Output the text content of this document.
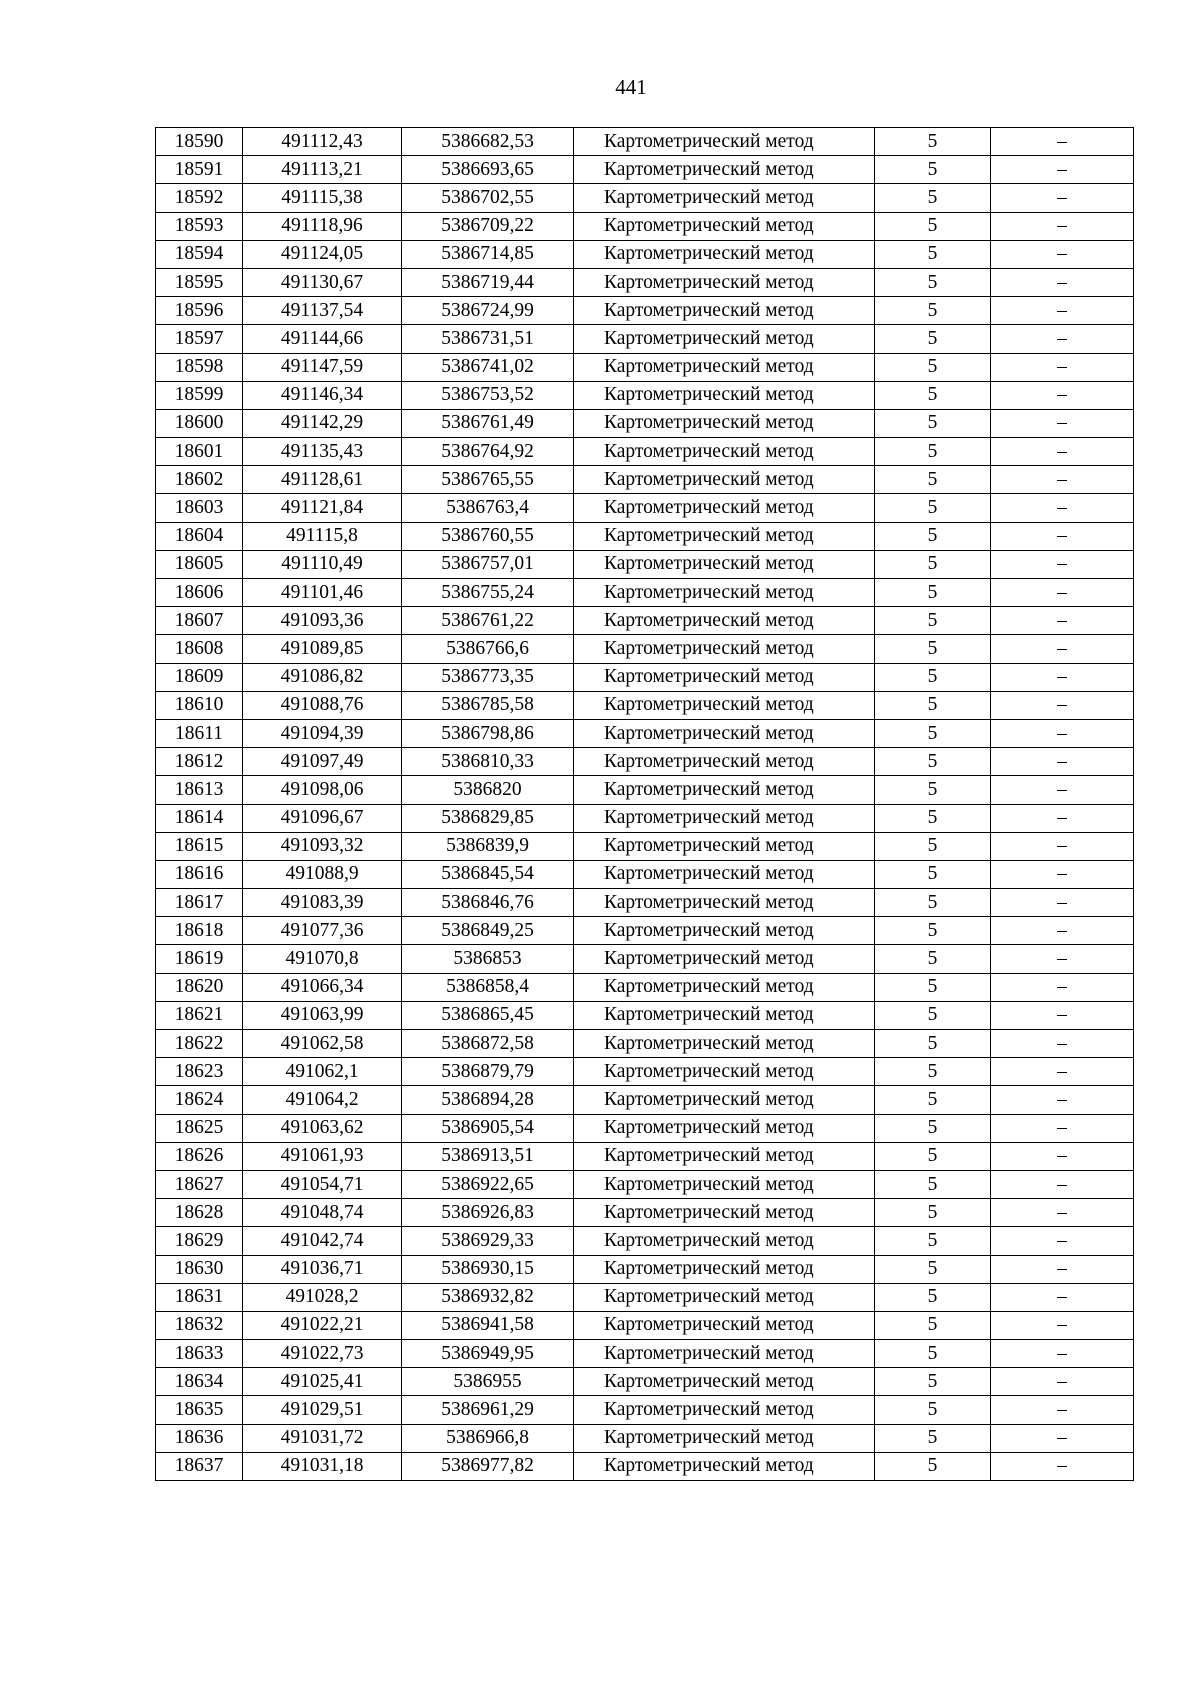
441
18590	491112,43	5386682,53	Картометрический метод	5	–
18591	491113,21	5386693,65	Картометрический метод	5	–
18592	491115,38	5386702,55	Картометрический метод	5	–
18593	491118,96	5386709,22	Картометрический метод	5	–
18594	491124,05	5386714,85	Картометрический метод	5	–
18595	491130,67	5386719,44	Картометрический метод	5	–
18596	491137,54	5386724,99	Картометрический метод	5	–
18597	491144,66	5386731,51	Картометрический метод	5	–
18598	491147,59	5386741,02	Картометрический метод	5	–
18599	491146,34	5386753,52	Картометрический метод	5	–
18600	491142,29	5386761,49	Картометрический метод	5	–
18601	491135,43	5386764,92	Картометрический метод	5	–
18602	491128,61	5386765,55	Картометрический метод	5	–
18603	491121,84	5386763,4	Картометрический метод	5	–
18604	491115,8	5386760,55	Картометрический метод	5	–
18605	491110,49	5386757,01	Картометрический метод	5	–
18606	491101,46	5386755,24	Картометрический метод	5	–
18607	491093,36	5386761,22	Картометрический метод	5	–
18608	491089,85	5386766,6	Картометрический метод	5	–
18609	491086,82	5386773,35	Картометрический метод	5	–
18610	491088,76	5386785,58	Картометрический метод	5	–
18611	491094,39	5386798,86	Картометрический метод	5	–
18612	491097,49	5386810,33	Картометрический метод	5	–
18613	491098,06	5386820	Картометрический метод	5	–
18614	491096,67	5386829,85	Картометрический метод	5	–
18615	491093,32	5386839,9	Картометрический метод	5	–
18616	491088,9	5386845,54	Картометрический метод	5	–
18617	491083,39	5386846,76	Картометрический метод	5	–
18618	491077,36	5386849,25	Картометрический метод	5	–
18619	491070,8	5386853	Картометрический метод	5	–
18620	491066,34	5386858,4	Картометрический метод	5	–
18621	491063,99	5386865,45	Картометрический метод	5	–
18622	491062,58	5386872,58	Картометрический метод	5	–
18623	491062,1	5386879,79	Картометрический метод	5	–
18624	491064,2	5386894,28	Картометрический метод	5	–
18625	491063,62	5386905,54	Картометрический метод	5	–
18626	491061,93	5386913,51	Картометрический метод	5	–
18627	491054,71	5386922,65	Картометрический метод	5	–
18628	491048,74	5386926,83	Картометрический метод	5	–
18629	491042,74	5386929,33	Картометрический метод	5	–
18630	491036,71	5386930,15	Картометрический метод	5	–
18631	491028,2	5386932,82	Картометрический метод	5	–
18632	491022,21	5386941,58	Картометрический метод	5	–
18633	491022,73	5386949,95	Картометрический метод	5	–
18634	491025,41	5386955	Картометрический метод	5	–
18635	491029,51	5386961,29	Картометрический метод	5	–
18636	491031,72	5386966,8	Картометрический метод	5	–
18637	491031,18	5386977,82	Картометрический метод	5	–
